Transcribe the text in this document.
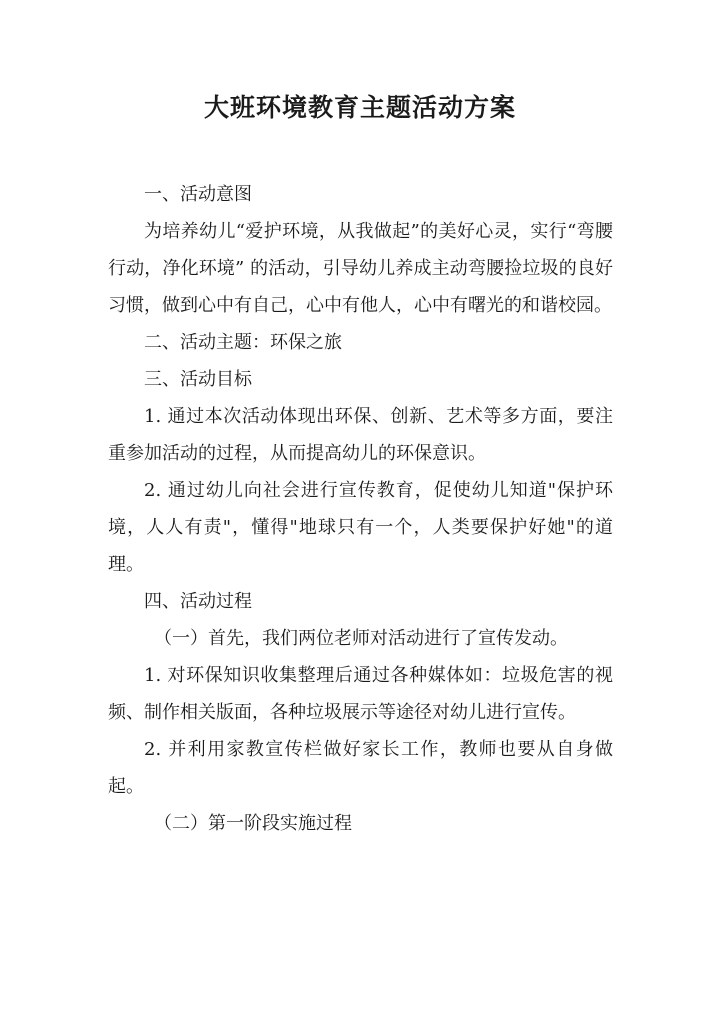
大班环境教育主题活动方案

一、活动意图

为培养幼儿“爱护环境，从我做起”的美好心灵，实行“弯腰行动，净化环境” 的活动，引导幼儿养成主动弯腰捡垃圾的良好习惯，做到心中有自己，心中有他人，心中有曙光的和谐校园。

二、活动主题：环保之旅

三、活动目标

1. 通过本次活动体现出环保、创新、艺术等多方面，要注重参加活动的过程，从而提高幼儿的环保意识。

2. 通过幼儿向社会进行宣传教育，促使幼儿知道"保护环境，人人有责"，懂得"地球只有一个，人类要保护好她"的道理。

四、活动过程

（一）首先，我们两位老师对活动进行了宣传发动。

1. 对环保知识收集整理后通过各种媒体如：垃圾危害的视频、制作相关版面，各种垃圾展示等途径对幼儿进行宣传。

2. 并利用家教宣传栏做好家长工作，教师也要从自身做起。

（二）第一阶段实施过程
